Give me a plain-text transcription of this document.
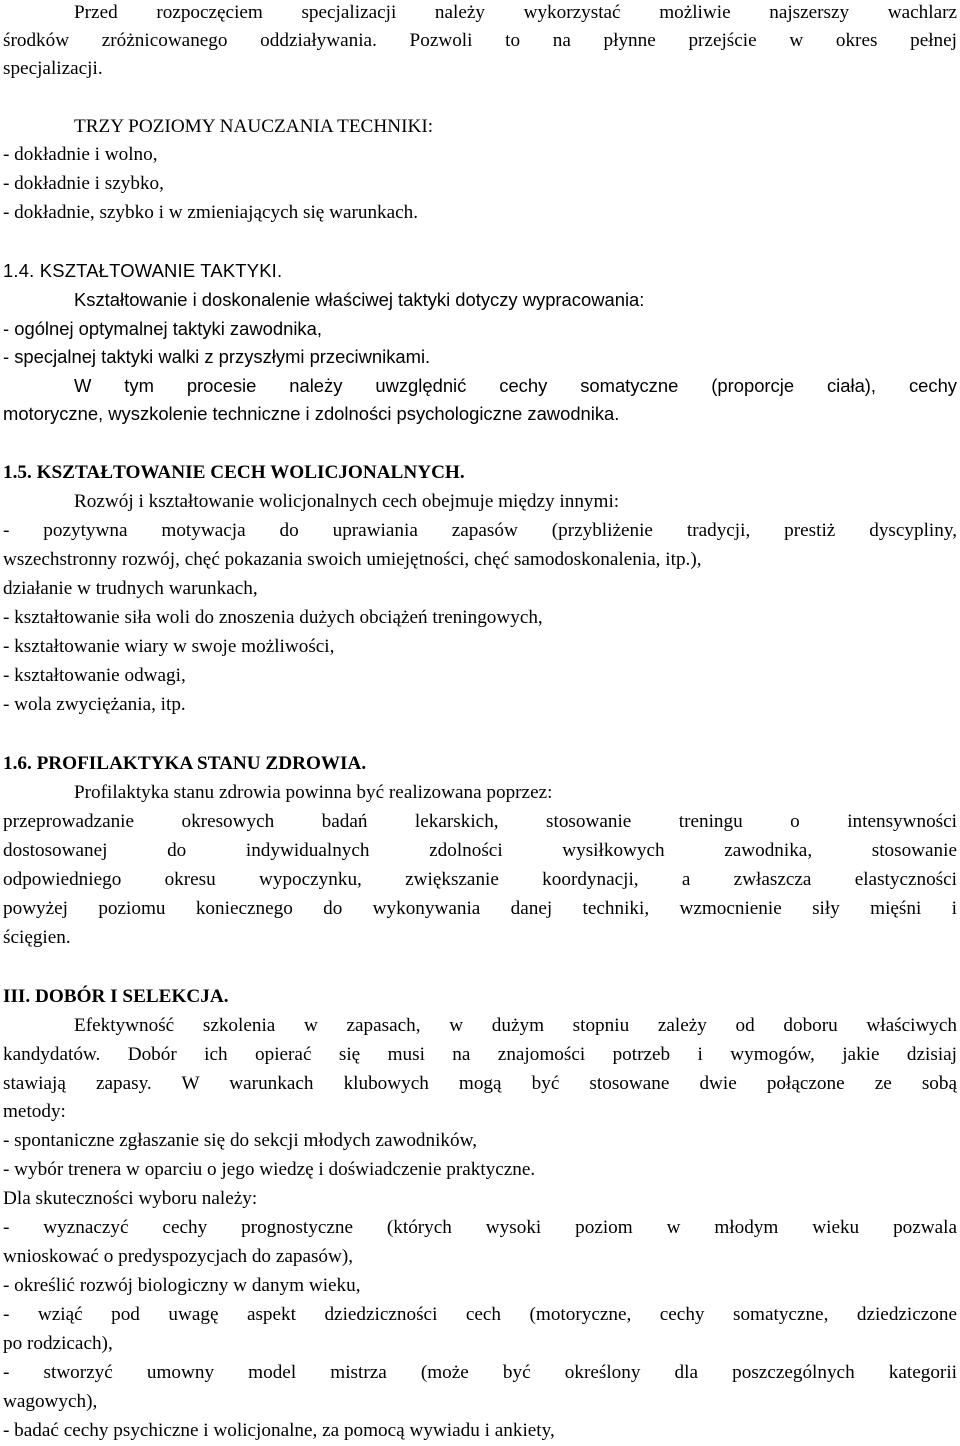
Przed rozpoczęciem specjalizacji należy wykorzystać możliwie najszerszy wachlarz
środków zróżnicowanego oddziaływania. Pozwoli to na płynne przejście w okres pełnej
specjalizacji.
TRZY POZIOMY NAUCZANIA TECHNIKI:
- dokładnie i wolno,
- dokładnie i szybko,
- dokładnie, szybko i w zmieniających się warunkach.
1.4. KSZTAŁTOWANIE TAKTYKI.
Kształtowanie i doskonalenie właściwej taktyki dotyczy wypracowania:
- ogólnej optymalnej taktyki zawodnika,
- specjalnej taktyki walki z przyszłymi przeciwnikami.
W tym procesie należy uwzględnić cechy somatyczne (proporcje ciała), cechy
motoryczne, wyszkolenie techniczne i zdolności psychologiczne zawodnika.
1.5. KSZTAŁTOWANIE CECH WOLICJONALNYCH.
Rozwój i kształtowanie wolicjonalnych cech obejmuje między innymi:
- pozytywna motywacja do uprawiania zapasów (przybliżenie tradycji, prestiż dyscypliny,
wszechstronny rozwój, chęć pokazania swoich umiejętności, chęć samodoskonalenia, itp.),
działanie w trudnych warunkach,
- kształtowanie siła woli do znoszenia dużych obciążeń treningowych,
- kształtowanie wiary w swoje możliwości,
- kształtowanie odwagi,
- wola zwyciężania, itp.
1.6. PROFILAKTYKA STANU ZDROWIA.
Profilaktyka stanu zdrowia powinna być realizowana poprzez:
przeprowadzanie okresowych badań lekarskich, stosowanie treningu o intensywności
dostosowanej do indywidualnych zdolności wysiłkowych zawodnika, stosowanie
odpowiedniego okresu wypoczynku, zwiększanie koordynacji, a zwłaszcza elastyczności
powyżej poziomu koniecznego do wykonywania danej techniki, wzmocnienie siły mięśni i
ścięgien.
III. DOBÓR I SELEKCJA.
Efektywność szkolenia w zapasach, w dużym stopniu zależy od doboru właściwych
kandydatów. Dobór ich opierać się musi na znajomości potrzeb i wymogów, jakie dzisiaj
stawiają zapasy. W warunkach klubowych mogą być stosowane dwie połączone ze sobą
metody:
- spontaniczne zgłaszanie się do sekcji młodych zawodników,
- wybór trenera w oparciu o jego wiedzę i doświadczenie praktyczne.
Dla skuteczności wyboru należy:
- wyznaczyć cechy prognostyczne (których wysoki poziom w młodym wieku pozwala
wnioskować o predyspozycjach do zapasów),
- określić rozwój biologiczny w danym wieku,
- wziąć pod uwagę aspekt dziedziczności cech (motoryczne, cechy somatyczne, dziedziczone
po rodzicach),
- stworzyć umowny model mistrza (może być określony dla poszczególnych kategorii
wagowych),
- badać cechy psychiczne i wolicjonalne, za pomocą wywiadu i ankiety,
